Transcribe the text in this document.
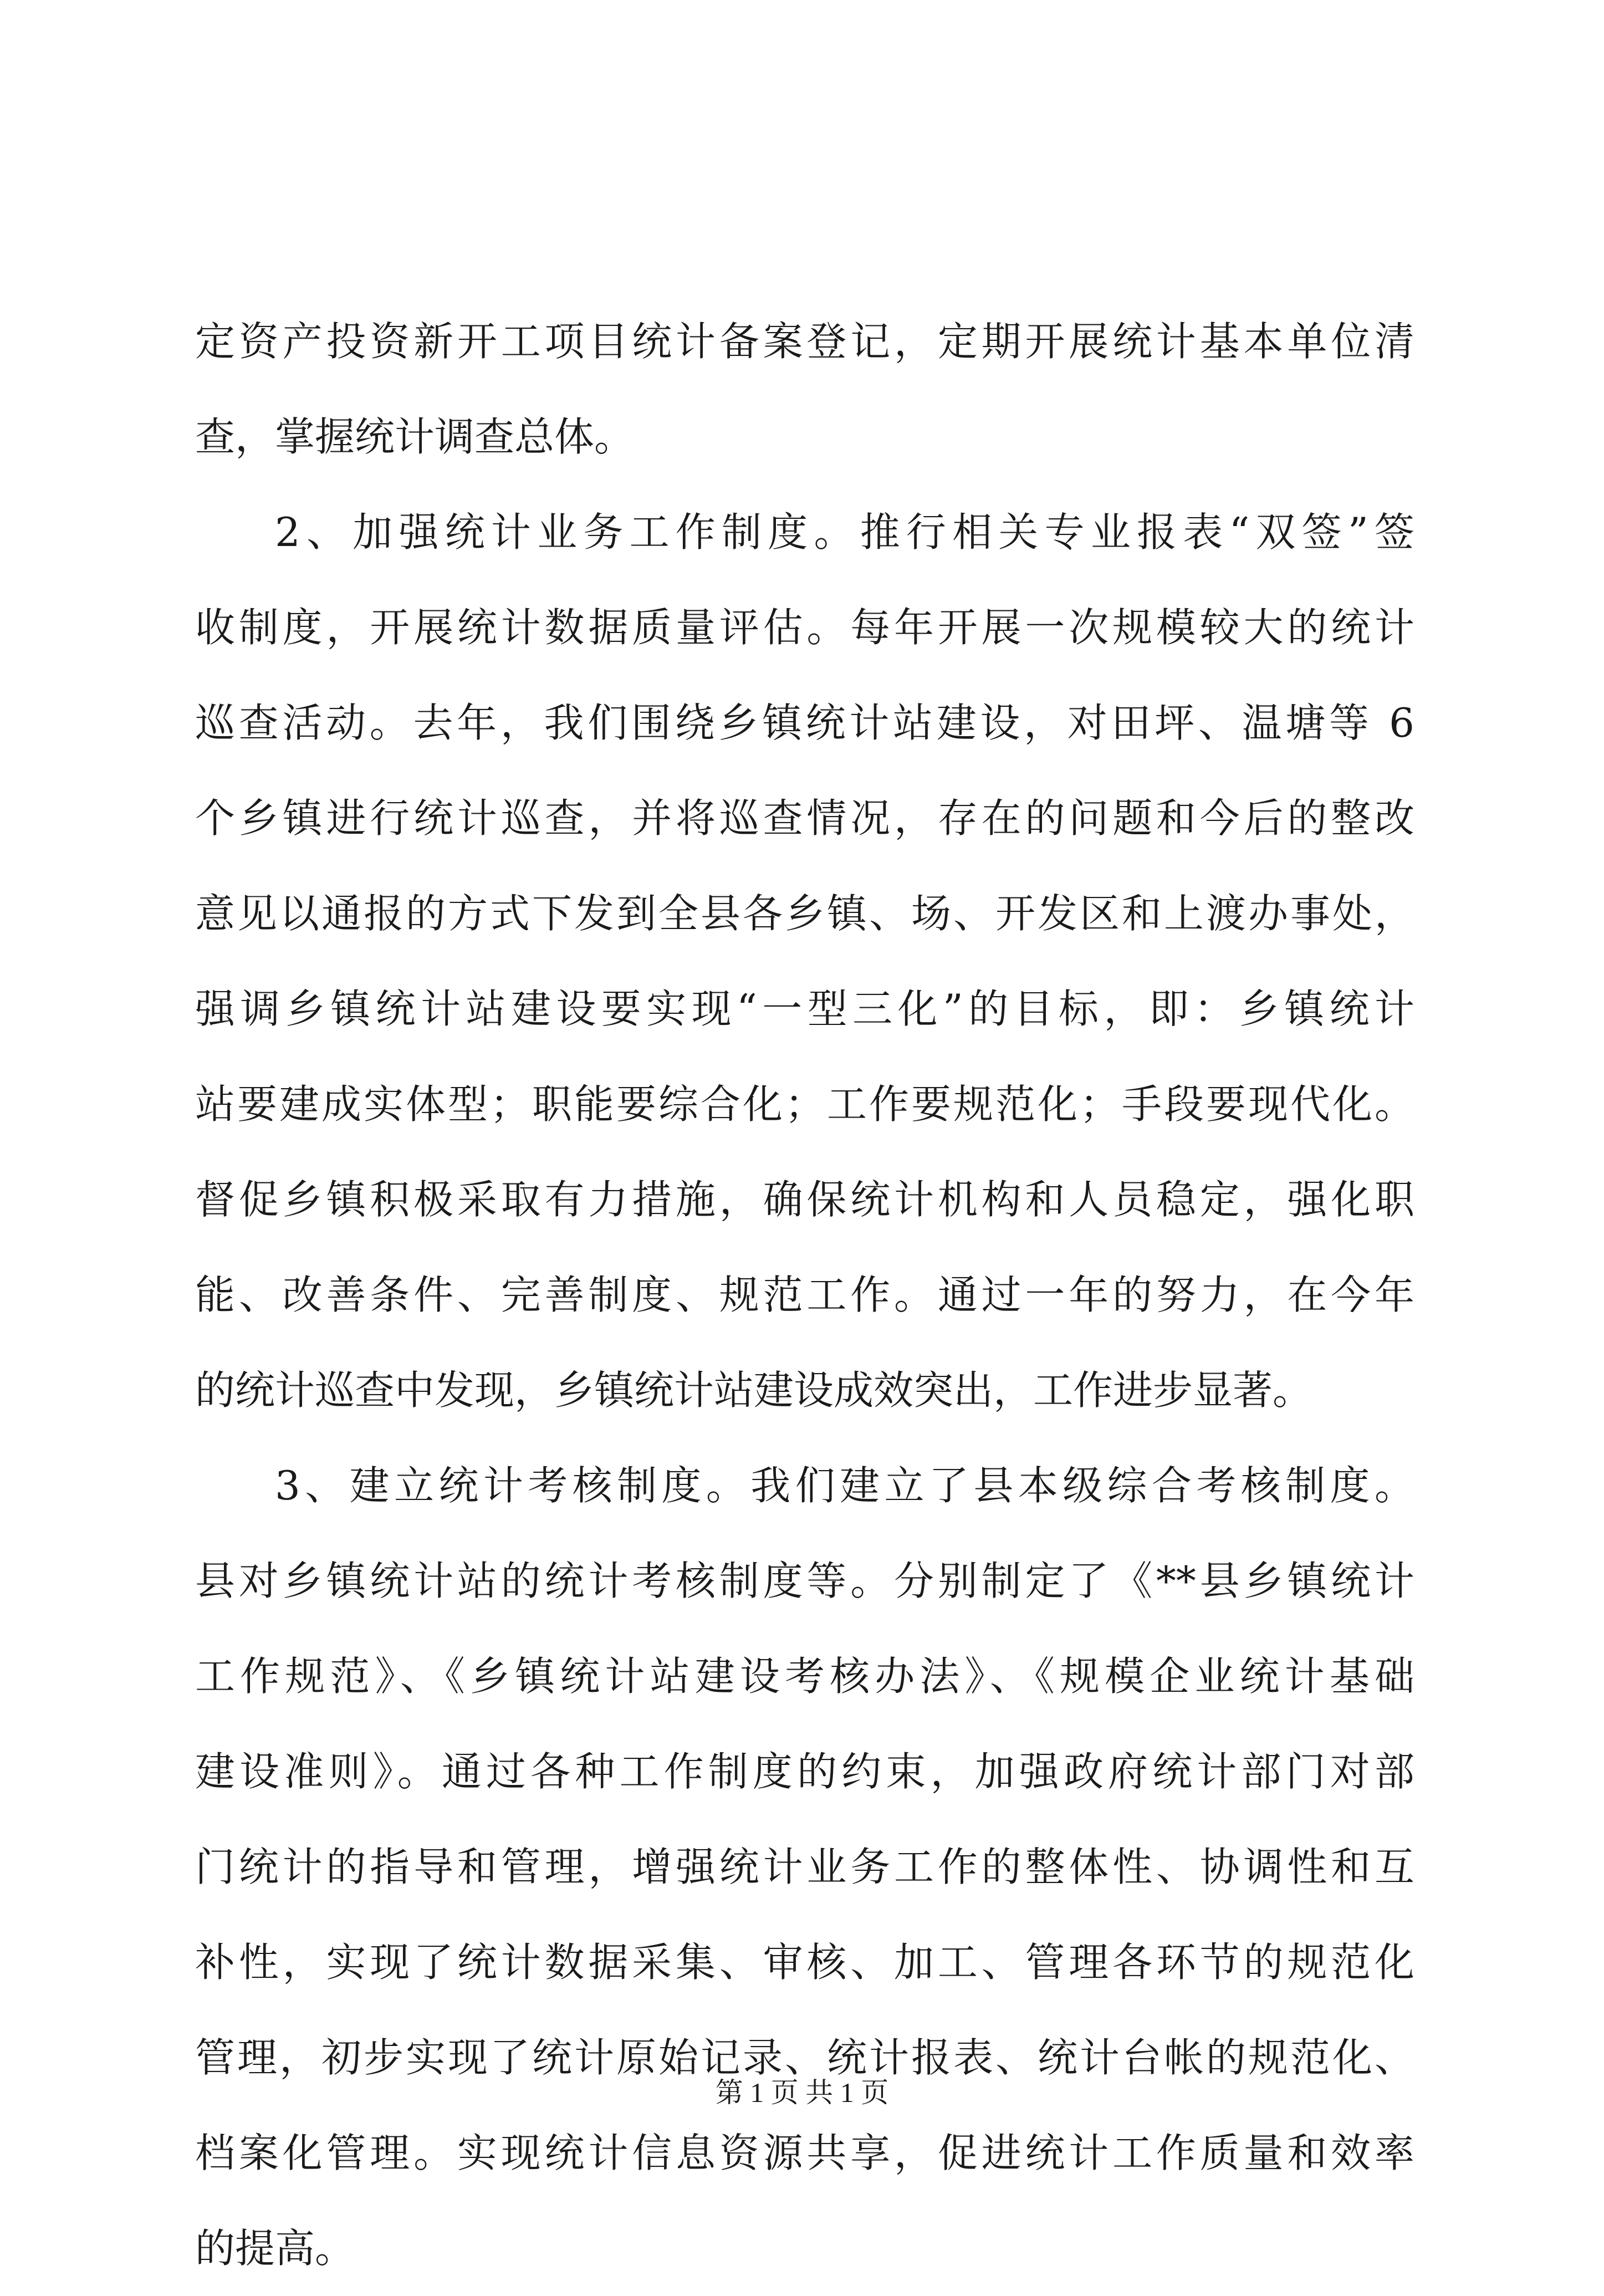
定资产投资新开工项目统计备案登记，定期开展统计基本单位清
查，掌握统计调查总体。
2、加强统计业务工作制度。推行相关专业报表“双签”签
收制度，开展统计数据质量评估。每年开展一次规模较大的统计
巡查活动。去年，我们围绕乡镇统计站建设，对田坪、温塘等 6
个乡镇进行统计巡查，并将巡查情况，存在的问题和今后的整改
意见以通报的方式下发到全县各乡镇、场、开发区和上渡办事处，
强调乡镇统计站建设要实现“一型三化”的目标，即：乡镇统计
站要建成实体型；职能要综合化；工作要规范化；手段要现代化。
督促乡镇积极采取有力措施，确保统计机构和人员稳定，强化职
能、改善条件、完善制度、规范工作。通过一年的努力，在今年
的统计巡查中发现，乡镇统计站建设成效突出，工作进步显著。
3、建立统计考核制度。我们建立了县本级综合考核制度。
县对乡镇统计站的统计考核制度等。分别制定了《**县乡镇统计
工作规范》、《乡镇统计站建设考核办法》、《规模企业统计基础
建设准则》。通过各种工作制度的约束，加强政府统计部门对部
门统计的指导和管理，增强统计业务工作的整体性、协调性和互
补性，实现了统计数据采集、审核、加工、管理各环节的规范化
管理，初步实现了统计原始记录、统计报表、统计台帐的规范化、
档案化管理。实现统计信息资源共享，促进统计工作质量和效率
的提高。
第 1 页 共 1 页
